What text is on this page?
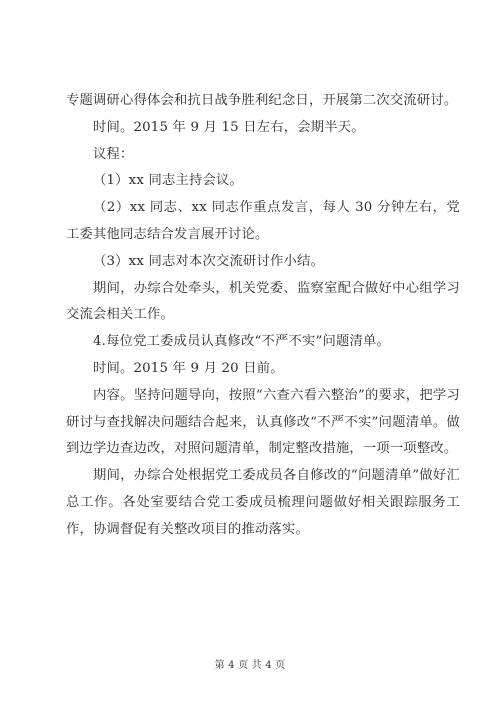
专题调研心得体会和抗日战争胜利纪念日，开展第二次交流研讨。

时间。2015 年 9 月 15 日左右，会期半天。

议程：

（1）xx 同志主持会议。

（2）xx 同志、xx 同志作重点发言，每人 30 分钟左右，党工委其他同志结合发言展开讨论。

（3）xx 同志对本次交流研讨作小结。

期间，办综合处牵头，机关党委、监察室配合做好中心组学习交流会相关工作。

4.每位党工委成员认真修改“不严不实”问题清单。

时间。2015 年 9 月 20 日前。

内容。坚持问题导向，按照“六查六看六整治”的要求，把学习研讨与查找解决问题结合起来，认真修改“不严不实”问题清单。做到边学边查边改，对照问题清单，制定整改措施，一项一项整改。

期间，办综合处根据党工委成员各自修改的“问题清单”做好汇总工作。各处室要结合党工委成员梳理问题做好相关跟踪服务工作，协调督促有关整改项目的推动落实。

第 4 页 共 4 页
